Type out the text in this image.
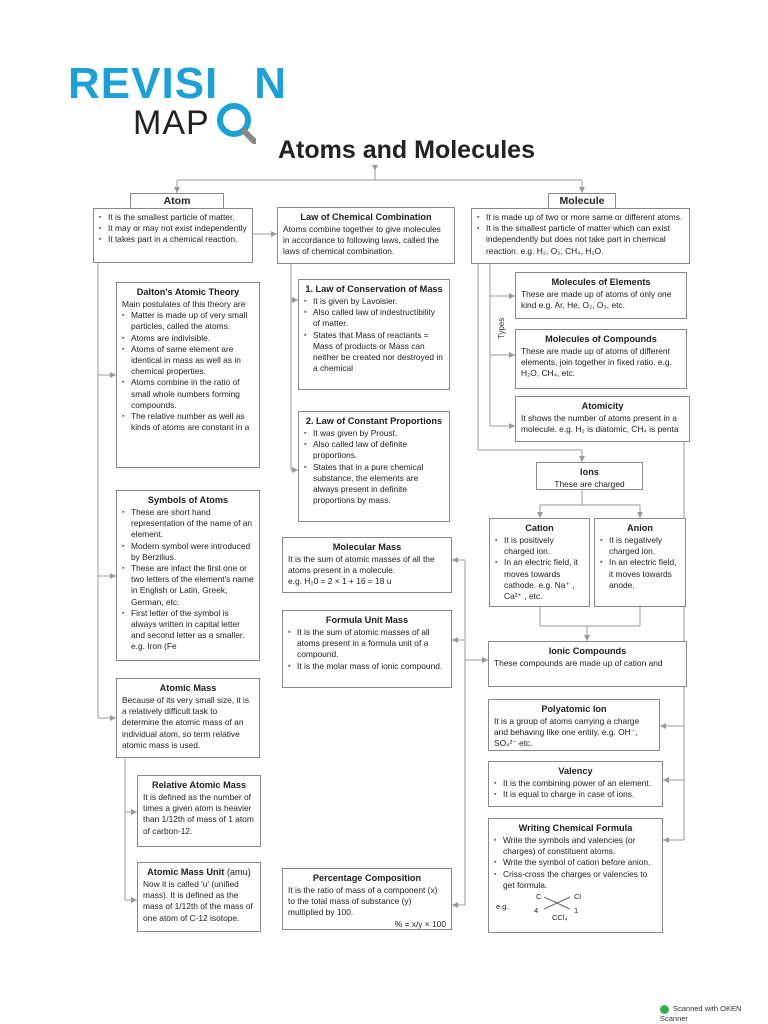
REVISI N
MAP
Atoms and Molecules
Atom
▪ It is the smallest particle of matter.
▪ It may or may not exist independently
▪ It takes part in a chemical reaction.
Molecule
▪ It is made up of two or more same or different atoms.
▪ It is the smallest particle of matter which can exist independently but does not take part in chemical reaction. e.g. H₂, O₂, CH₄, H₂O.
Law of Chemical Combination

Atoms combine together to give molecules in accordance to following laws, called the laws of chemical combination.

Dalton's Atomic Theory

Main postulates of this theory are

▪ Matter is made up of very small particles, called the atoms.
▪ Atoms are indivisible.
▪ Atoms of same element are identical in mass as well as in chemical properties.
▪ Atoms combine in the ratio of small whole numbers forming compounds.
▪ The relative number as well as kinds of atoms are constant in a
1. Law of Conservation of Mass
▪ It is given by Lavoisier.
▪ Also called law of indestructibility of matter.
▪ States that Mass of reactants = Mass of products or Mass can neither be created nor destroyed in a chemical
2. Law of Constant Proportions
▪ It was given by Proust.
▪ Also called law of definite proportions.
▪ States that in a pure chemical substance, the elements are always present in definite proportions by mass.
Types
Molecules of Elements

These are made up of atoms of only one kind e.g. Ar, He, O₂, O₃, etc.

Molecules of Compounds

These are made up of atoms of different elements, join together in fixed ratio. e.g. H₂O, CH₄, etc.

Atomicity

It shows the number of atoms present in a molecule. e.g. H₂ is diatomic, CH₄ is penta

Ions

These are charged

Cation
▪ It is positively charged ion.
▪ In an electric field, it moves towards cathode. e.g. Na⁺ , Ca²⁺ , etc.
Anion
▪ It is negatively charged ion.
▪ In an electric field, it moves towards anode.
Symbols of Atoms
▪ These are short hand representation of the name of an element.
▪ Modern symbol were introduced by Berzilius.
▪ These are infact the first one or two letters of the element's name in English or Latin, Greek, German, etc.
▪ First letter of the symbol is always written in capital letter and second letter as a smaller. e.g. Iron (Fe
Molecular Mass

It is the sum of atomic masses of all the atoms present in a molecule.

e.g. H₂0 = 2 × 1 + 16 = 18 u

Formula Unit Mass
▪ It is the sum of atomic masses of all atoms present in a formula unit of a compound.
▪ It is the molar mass of ionic compound.
Ionic Compounds

These compounds are made up of cation and

Atomic Mass

Because of its very small size, it is a relatively difficult task to determine the atomic mass of an individual atom, so term relative atomic mass is used.

Polyatomic Ion

It is a group of atoms carrying a charge and behaving like one entity. e.g. OH⁻, SO₄²⁻ etc.

Valency
▪ It is the combining power of an element.
▪ It is equal to charge in case of ions.
Relative Atomic Mass

It is defined as the number of times a given atom is heavier than 1/12th of mass of 1 atom of carbon-12.	Writing Chemical Formula
▪ Write the symbols and valencies (or charges) of constituent atoms.
▪ Write the symbol of cation before anion.
▪ Criss-cross the charges or valencies to get formula.
e.g.
C	Cl
4	1
CCl₄
Atomic Mass Unit (amu)

Now it is called 'u' (unified mass). It is defined as the mass of 1/12th of the mass of one atom of C-12 isotope.

Percentage Composition

It is the ratio of mass of a component (x) to the total mass of substance (y) multiplied by 100.

% = x/y × 100

Scanned with OKEN Scanner
